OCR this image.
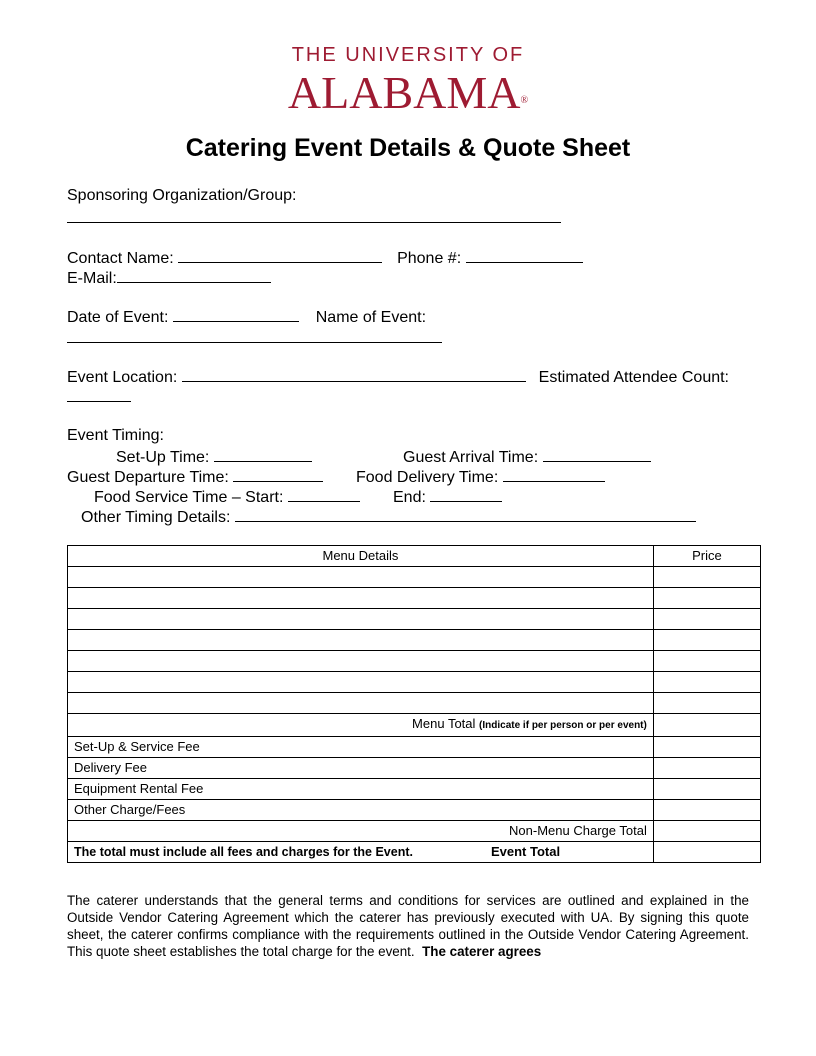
THE UNIVERSITY OF
ALABAMA®
Catering Event Details & Quote Sheet
Sponsoring Organization/Group:
Contact Name:	Phone #:
E-Mail:
Date of Event:	Name of Event:
Event Location:	Estimated Attendee Count:
Event Timing:
Set-Up Time:	Guest Arrival Time:
Guest Departure Time:	Food Delivery Time:
Food Service Time – Start:	End:
Other Timing Details:
Menu Details	Price

Menu Total (Indicate if per person or per event)	
Set-Up & Service Fee	
Delivery Fee	
Equipment Rental Fee	
Other Charge/Fees	
Non-Menu Charge Total	
The total must include all fees and charges for the Event. Event Total	
The caterer understands that the general terms and conditions for services are outlined and explained in the Outside Vendor Catering Agreement which the caterer has previously executed with UA. By signing this quote sheet, the caterer confirms compliance with the requirements outlined in the Outside Vendor Catering Agreement. This quote sheet establishes the total charge for the event. The caterer agrees
